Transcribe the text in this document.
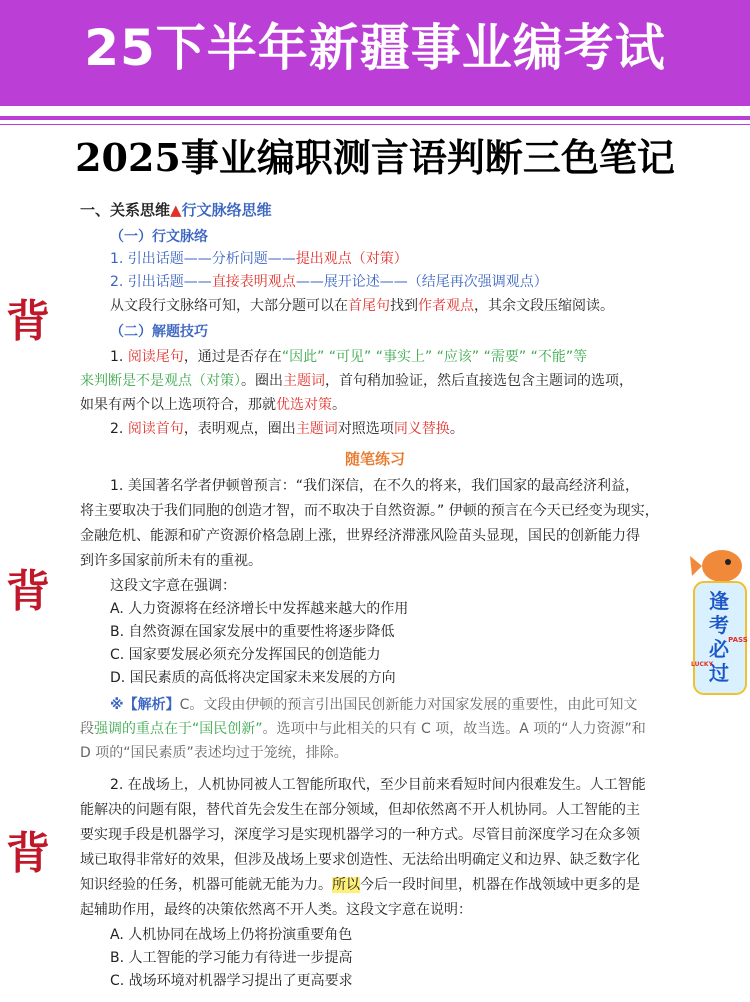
25下半年新疆事业编考试
2025事业编职测言语判断三色笔记
背
背
背
一、关系思维▲行文脉络思维
（一）行文脉络
1. 引出话题——分析问题——提出观点（对策）
2. 引出话题——直接表明观点——展开论述——（结尾再次强调观点）
从文段行文脉络可知，大部分题可以在首尾句找到作者观点，其余文段压缩阅读。
（二）解题技巧
1. 阅读尾句，通过是否存在“因此” “可见” “事实上” “应该” “需要” “不能”等
来判断是不是观点（对策）。圈出主题词，首句稍加验证，然后直接选包含主题词的选项，
如果有两个以上选项符合，那就优选对策。
2. 阅读首句，表明观点，圈出主题词对照选项同义替换。
随笔练习
1. 美国著名学者伊顿曾预言：“我们深信，在不久的将来，我们国家的最高经济利益，
将主要取决于我们同胞的创造才智，而不取决于自然资源。” 伊顿的预言在今天已经变为现实，
金融危机、能源和矿产资源价格急剧上涨，世界经济滞涨风险苗头显现，国民的创新能力得
到许多国家前所未有的重视。
这段文字意在强调：
A. 人力资源将在经济增长中发挥越来越大的作用
B. 自然资源在国家发展中的重要性将逐步降低
C. 国家要发展必须充分发挥国民的创造能力
D. 国民素质的高低将决定国家未来发展的方向
※【解析】C。文段由伊顿的预言引出国民创新能力对国家发展的重要性，由此可知文
段强调的重点在于“国民创新”。选项中与此相关的只有 C 项，故当选。A 项的“人力资源”和
D 项的“国民素质”表述均过于笼统，排除。
2. 在战场上，人机协同被人工智能所取代，至少目前来看短时间内很难发生。人工智能
能解决的问题有限，替代首先会发生在部分领域，但却依然离不开人机协同。人工智能的主
要实现手段是机器学习，深度学习是实现机器学习的一种方式。尽管目前深度学习在众多领
域已取得非常好的效果，但涉及战场上要求创造性、无法给出明确定义和边界、缺乏数字化
知识经验的任务，机器可能就无能为力。所以今后一段时间里，机器在作战领域中更多的是
起辅助作用，最终的决策依然离不开人类。这段文字意在说明：
A. 人机协同在战场上仍将扮演重要角色
B. 人工智能的学习能力有待进一步提高
C. 战场环境对机器学习提出了更高要求
逢
考
必
过
PASS
LUCKY
